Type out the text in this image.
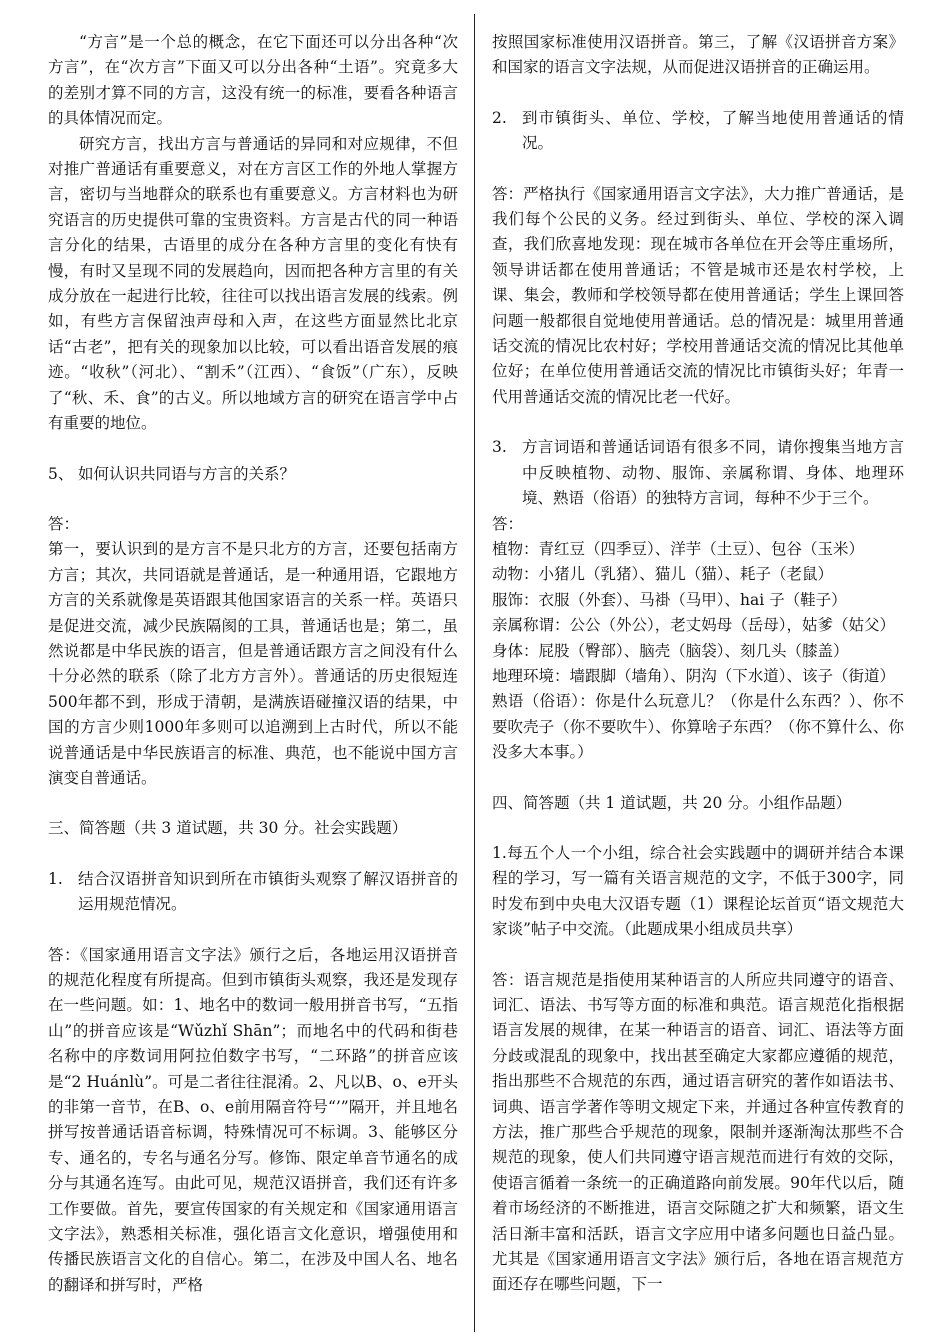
“方言”是一个总的概念，在它下面还可以分出各种“次方言”，在“次方言”下面又可以分出各种“土语”。究竟多大的差别才算不同的方言，这没有统一的标准，要看各种语言的具体情况而定。

研究方言，找出方言与普通话的异同和对应规律，不但对推广普通话有重要意义，对在方言区工作的外地人掌握方言，密切与当地群众的联系也有重要意义。方言材料也为研究语言的历史提供可靠的宝贵资料。方言是古代的同一种语言分化的结果，古语里的成分在各种方言里的变化有快有慢，有时又呈现不同的发展趋向，因而把各种方言里的有关成分放在一起进行比较，往往可以找出语言发展的线索。例如，有些方言保留浊声母和入声，在这些方面显然比北京话“古老”，把有关的现象加以比较，可以看出语音发展的痕迹。“收秋”（河北）、“割禾”（江西）、“食饭”（广东），反映了“秋、禾、食”的古义。所以地域方言的研究在语言学中占有重要的地位。

5、 如何认识共同语与方言的关系？

答：

第一，要认识到的是方言不是只北方的方言，还要包括南方方言；其次，共同语就是普通话，是一种通用语，它跟地方方言的关系就像是英语跟其他国家语言的关系一样。英语只是促进交流，减少民族隔阂的工具，普通话也是；第二，虽然说都是中华民族的语言，但是普通话跟方言之间没有什么十分必然的联系（除了北方方言外）。普通话的历史很短连500年都不到，形成于清朝，是满族语碰撞汉语的结果，中国的方言少则1000年多则可以追溯到上古时代，所以不能说普通话是中华民族语言的标准、典范，也不能说中国方言演变自普通话。

三、简答题（共 3 道试题，共 30 分。社会实践题）

1. 结合汉语拼音知识到所在市镇街头观察了解汉语拼音的运用规范情况。

答：《国家通用语言文字法》颁行之后，各地运用汉语拼音的规范化程度有所提高。但到市镇街头观察，我还是发现存在一些问题。如：1、地名中的数词一般用拼音书写，“五指山”的拼音应该是“Wǔzhǐ Shān”；而地名中的代码和街巷名称中的序数词用阿拉伯数字书写，“二环路”的拼音应该是“2 Huánlù”。可是二者往往混淆。2、凡以B、o、e开头的非第一音节，在B、o、e前用隔音符号“’”隔开，并且地名拼写按普通话语音标调，特殊情况可不标调。3、能够区分专、通名的，专名与通名分写。修饰、限定单音节通名的成分与其通名连写。由此可见，规范汉语拼音，我们还有许多工作要做。首先，要宣传国家的有关规定和《国家通用语言文字法》，熟悉相关标准，强化语言文化意识，增强使用和传播民族语言文化的自信心。第二，在涉及中国人名、地名的翻译和拼写时，严格

按照国家标准使用汉语拼音。第三，了解《汉语拼音方案》和国家的语言文字法规，从而促进汉语拼音的正确运用。

2. 到市镇街头、单位、学校，了解当地使用普通话的情况。

答：严格执行《国家通用语言文字法》，大力推广普通话，是我们每个公民的义务。经过到街头、单位、学校的深入调查，我们欣喜地发现：现在城市各单位在开会等庄重场所，领导讲话都在使用普通话；不管是城市还是农村学校，上课、集会，教师和学校领导都在使用普通话；学生上课回答问题一般都很自觉地使用普通话。总的情况是：城里用普通话交流的情况比农村好；学校用普通话交流的情况比其他单位好；在单位使用普通话交流的情况比市镇街头好；年青一代用普通话交流的情况比老一代好。

3. 方言词语和普通话词语有很多不同，请你搜集当地方言中反映植物、动物、服饰、亲属称谓、身体、地理环境、熟语（俗语）的独特方言词，每种不少于三个。

答：

植物：青红豆（四季豆）、洋芋（土豆）、包谷（玉米）

动物：小猪儿（乳猪）、猫儿（猫）、耗子（老鼠）

服饰：衣服（外套）、马褂（马甲）、hai 子（鞋子）

亲属称谓：公公（外公），老丈妈母（岳母），姑爹（姑父）

身体：屁股（臀部）、脑壳（脑袋）、刻几头（膝盖）

地理环境：墙跟脚（墙角）、阴沟（下水道）、该子（街道）

熟语（俗语）：你是什么玩意儿？（你是什么东西？）、你不要吹壳子（你不要吹牛）、你算啥子东西？（你不算什么、你没多大本事。）

四、简答题（共 1 道试题，共 20 分。小组作品题）

1.每五个人一个小组，综合社会实践题中的调研并结合本课程的学习，写一篇有关语言规范的文字，不低于300字，同时发布到中央电大汉语专题（1）课程论坛首页“语文规范大家谈”帖子中交流。（此题成果小组成员共享）

答：语言规范是指使用某种语言的人所应共同遵守的语音、词汇、语法、书写等方面的标准和典范。语言规范化指根据语言发展的规律，在某一种语言的语音、词汇、语法等方面分歧或混乱的现象中，找出甚至确定大家都应遵循的规范，指出那些不合规范的东西，通过语言研究的著作如语法书、词典、语言学著作等明文规定下来，并通过各种宣传教育的方法，推广那些合乎规范的现象，限制并逐渐淘汰那些不合规范的现象，使人们共同遵守语言规范而进行有效的交际，使语言循着一条统一的正确道路向前发展。90年代以后，随着市场经济的不断推进，语言交际随之扩大和频繁，语文生活日渐丰富和活跃，语言文字应用中诸多问题也日益凸显。尤其是《国家通用语言文字法》颁行后，各地在语言规范方面还存在哪些问题，下一
